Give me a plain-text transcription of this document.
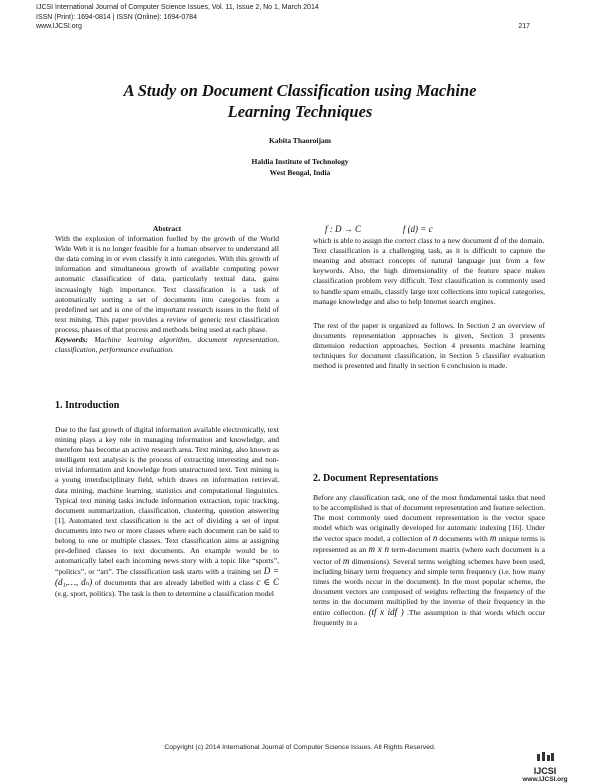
IJCSI International Journal of Computer Science Issues, Vol. 11, Issue 2, No 1, March 2014
ISSN (Print): 1694-0814 | ISSN (Online): 1694-0784
www.IJCSI.org	217
A Study on Document Classification using Machine
Learning Techniques
Kabita Thaoroijam
Haldia Institute of Technology
West Bengal, India
Abstract

With the explosion of information fuelled by the growth of the World Wide Web it is no longer feasible for a human observer to understand all the data coming in or even classify it into categories. With this growth of information and simultaneous growth of available computing power automatic classification of data, particularly textual data, gains increasingly high importance. Text classification is a task of automatically sorting a set of documents into categories from a predefined set and is one of the important research issues in the field of text mining. This paper provides a review of generic text classification process, phases of that process and methods being used at each phase.

Keywords: Machine learning algorithm, document representation, classification, performance evaluation.

1. Introduction

Due to the fast growth of digital information available electronically, text mining plays a key role in managing information and knowledge, and therefore has become an active research area. Text mining, also known as intelligent text analysis is the process of extracting interesting and non-trivial information and knowledge from unstructured text. Text mining is a young interdisciplinary field, which draws on information retrieval, data mining, machine learning, statistics and computational linguistics. Typical text mining tasks include information extraction, topic tracking, document summarization, classification, clustering, question answering [1]. Automated text classification is the act of dividing a set of input documents into two or more classes where each document can be said to belong to one or multiple classes. Text classification aims at assigning pre-defined classes to text documents. An example would be to automatically label each incoming news story with a topic like “sports”, “politics”, or “art”. The classification task starts with a training set D = (d₁,…, dₙ) of documents that are already labelled with a class c ∈ C (e.g. sport, politics). The task is then to determine a classification model

f : D → C	f (d) = c

which is able to assign the correct class to a new document d of the domain.

Text classification is a challenging task, as it is difficult to capture the meaning and abstract concepts of natural language just from a few keywords. Also, the high dimensionality of the feature space makes classification problem very difficult. Text classification is commonly used to handle spam emails, classify large text collections into topical categories, manage knowledge and also to help Internet search engines.

The rest of the paper is organized as follows. In Section 2 an overview of documents representation approaches is given, Section 3 presents dimension reduction approaches, Section 4 presents machine learning techniques for document classification, in Section 5 classifier evaluation method is presented and finally in section 6 conclusion is made.

2. Document Representations

Before any classification task, one of the most fundamental tasks that need to be accomplished is that of document representation and feature selection. The most commonly used document representation is the vector space model which was originally developed for automatic indexing [16]. Under the vector space model, a collection of n documents with m unique terms is represented as an m x n term-document matrix (where each document is a vector of m dimensions). Several terms weighing schemes have been used, including binary term frequency and simple term frequency (i.e. how many times the words occur in the document). In the most popular scheme, the document vectors are composed of weights reflecting the frequency of the terms in the document multiplied by the inverse of their frequency in the entire collection. (tf x idf ) .The assumption is that words which occur frequently in a

Copyright (c) 2014 International Journal of Computer Science Issues. All Rights Reserved.
IJCSI
www.IJCSI.org
